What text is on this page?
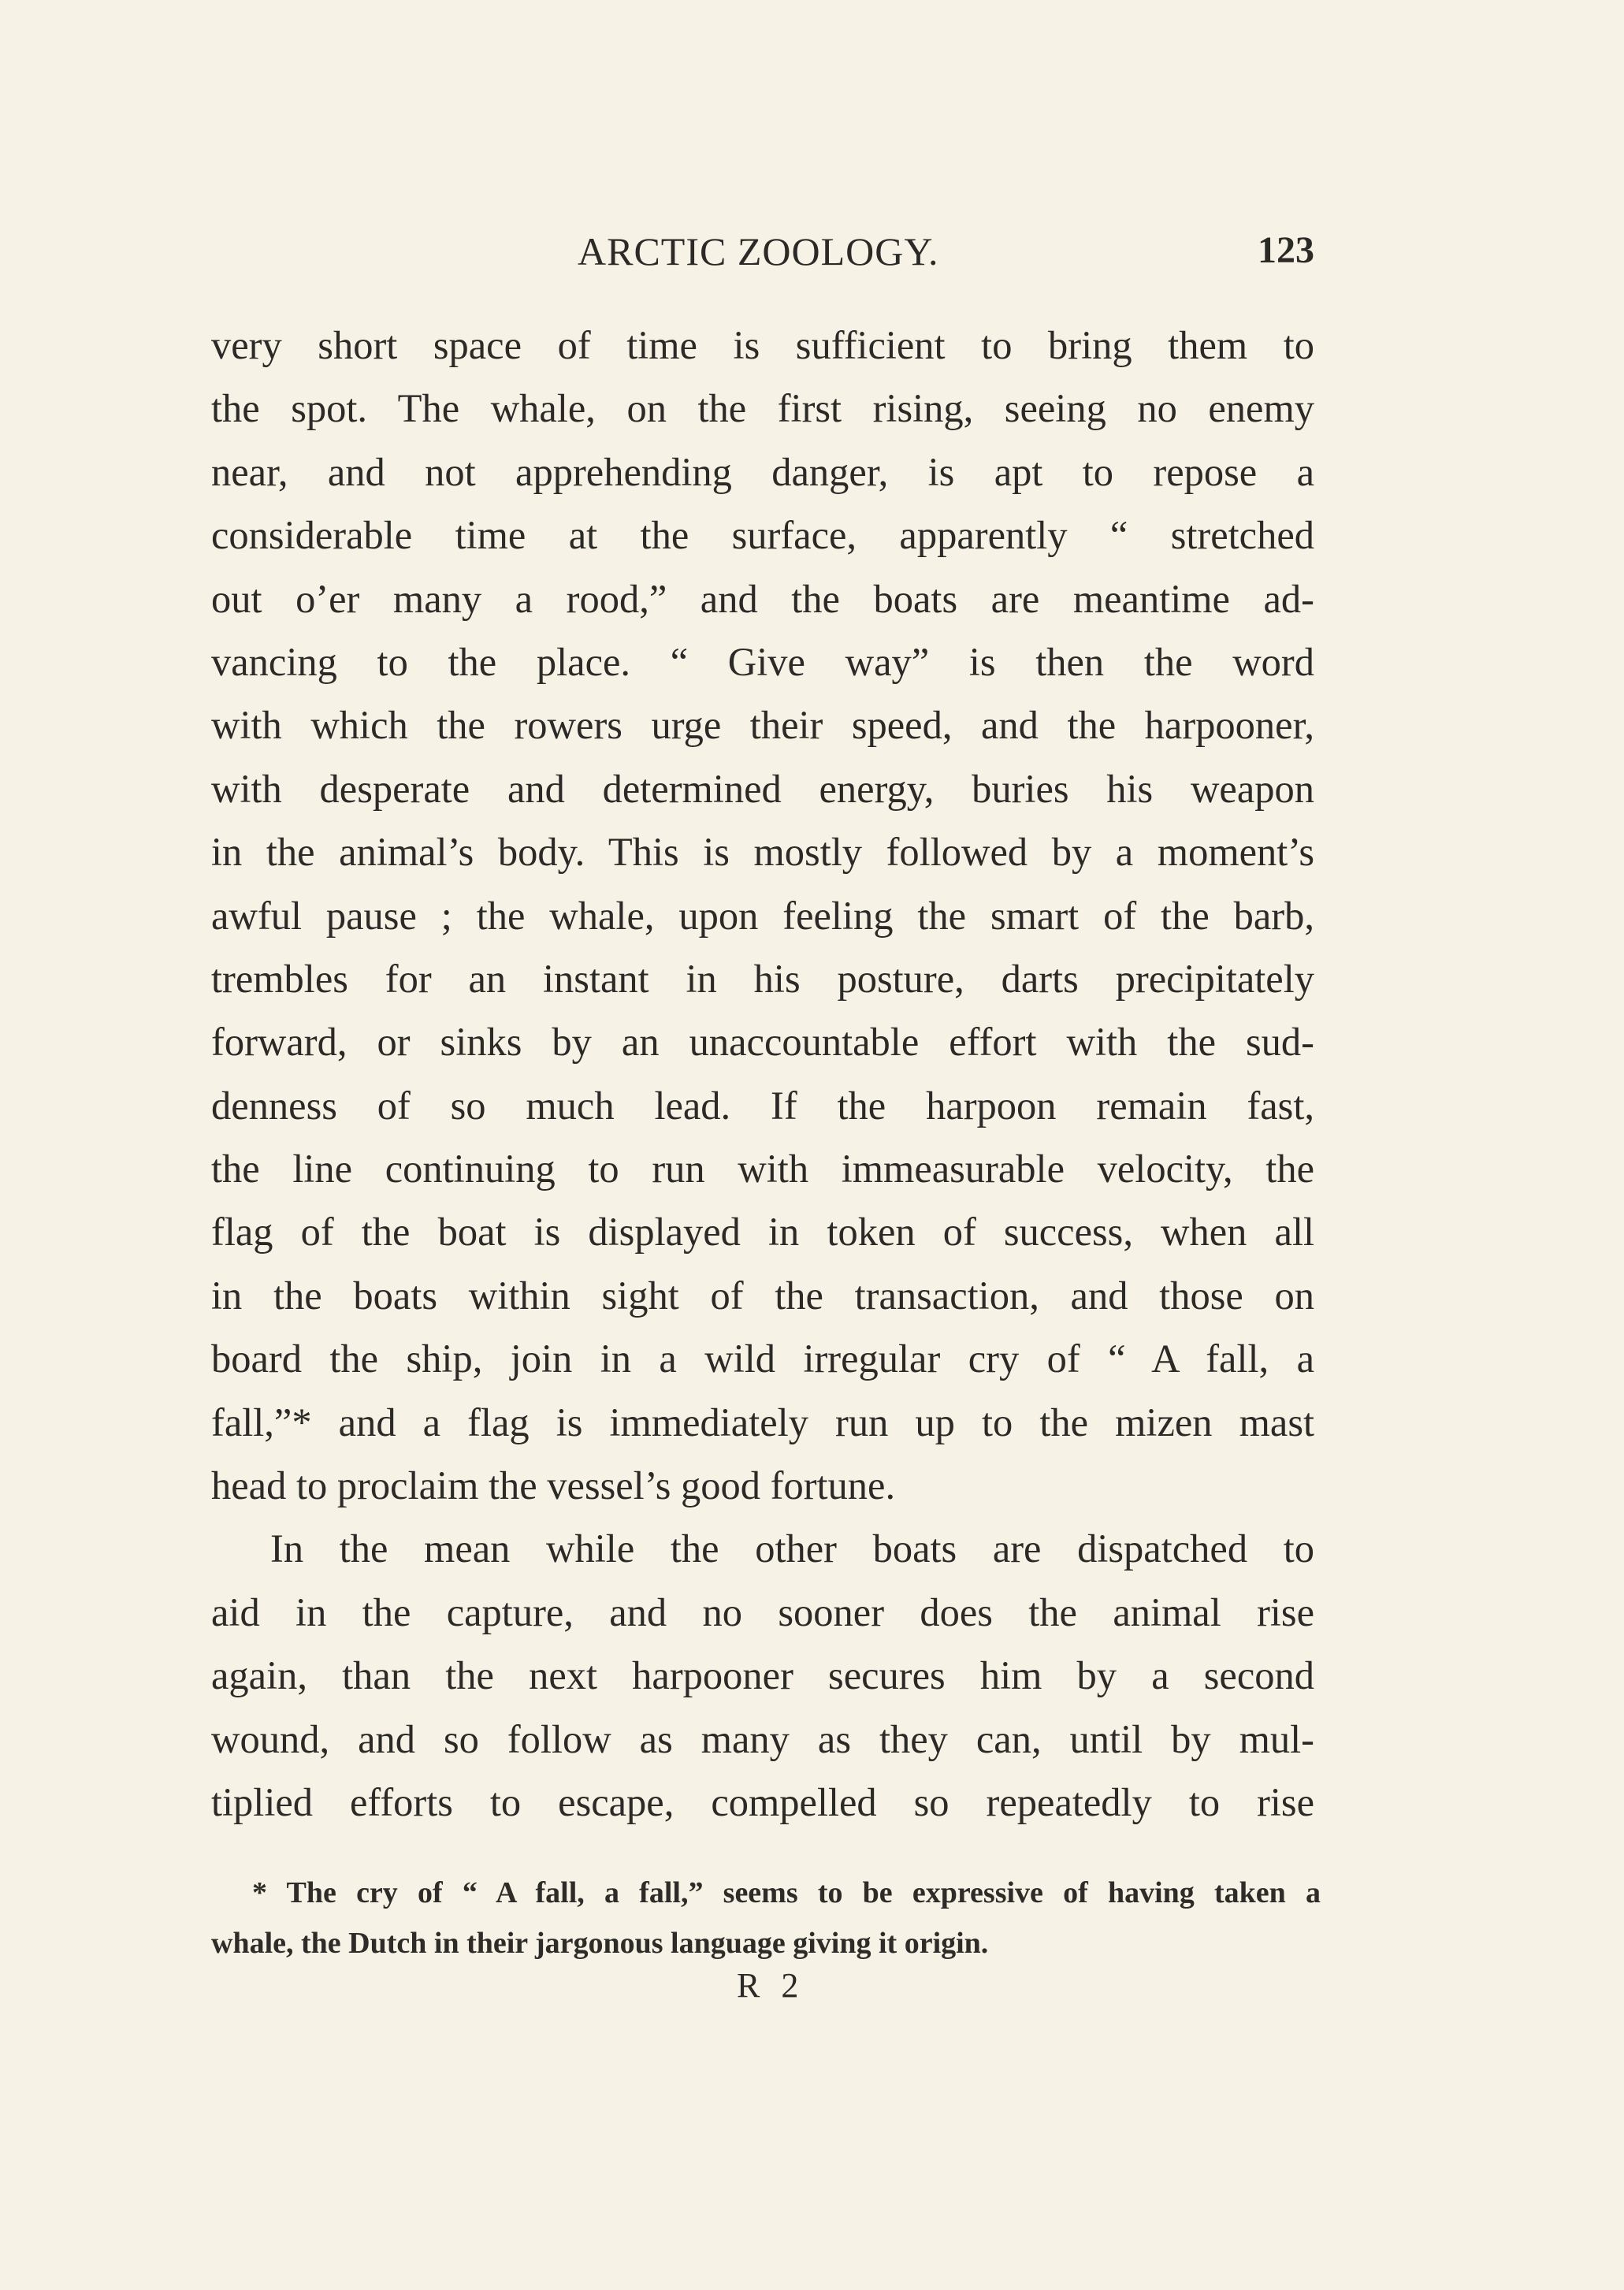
ARCTIC ZOOLOGY.	123
very short space of time is sufficient to bring them to
the spot. The whale, on the first rising, seeing no enemy
near, and not apprehending danger, is apt to repose a
considerable time at the surface, apparently “ stretched
out o’er many a rood,” and the boats are meantime ad-
vancing to the place. “ Give way” is then the word
with which the rowers urge their speed, and the harpooner,
with desperate and determined energy, buries his weapon
in the animal’s body. This is mostly followed by a moment’s
awful pause ; the whale, upon feeling the smart of the barb,
trembles for an instant in his posture, darts precipitately
forward, or sinks by an unaccountable effort with the sud-
denness of so much lead. If the harpoon remain fast,
the line continuing to run with immeasurable velocity, the
flag of the boat is displayed in token of success, when all
in the boats within sight of the transaction, and those on
board the ship, join in a wild irregular cry of “ A fall, a
fall,”* and a flag is immediately run up to the mizen mast
head to proclaim the vessel’s good fortune.
In the mean while the other boats are dispatched to
aid in the capture, and no sooner does the animal rise
again, than the next harpooner secures him by a second
wound, and so follow as many as they can, until by mul-
tiplied efforts to escape, compelled so repeatedly to rise
* The cry of “ A fall, a fall,” seems to be expressive of having taken a
whale, the Dutch in their jargonous language giving it origin.
R 2
